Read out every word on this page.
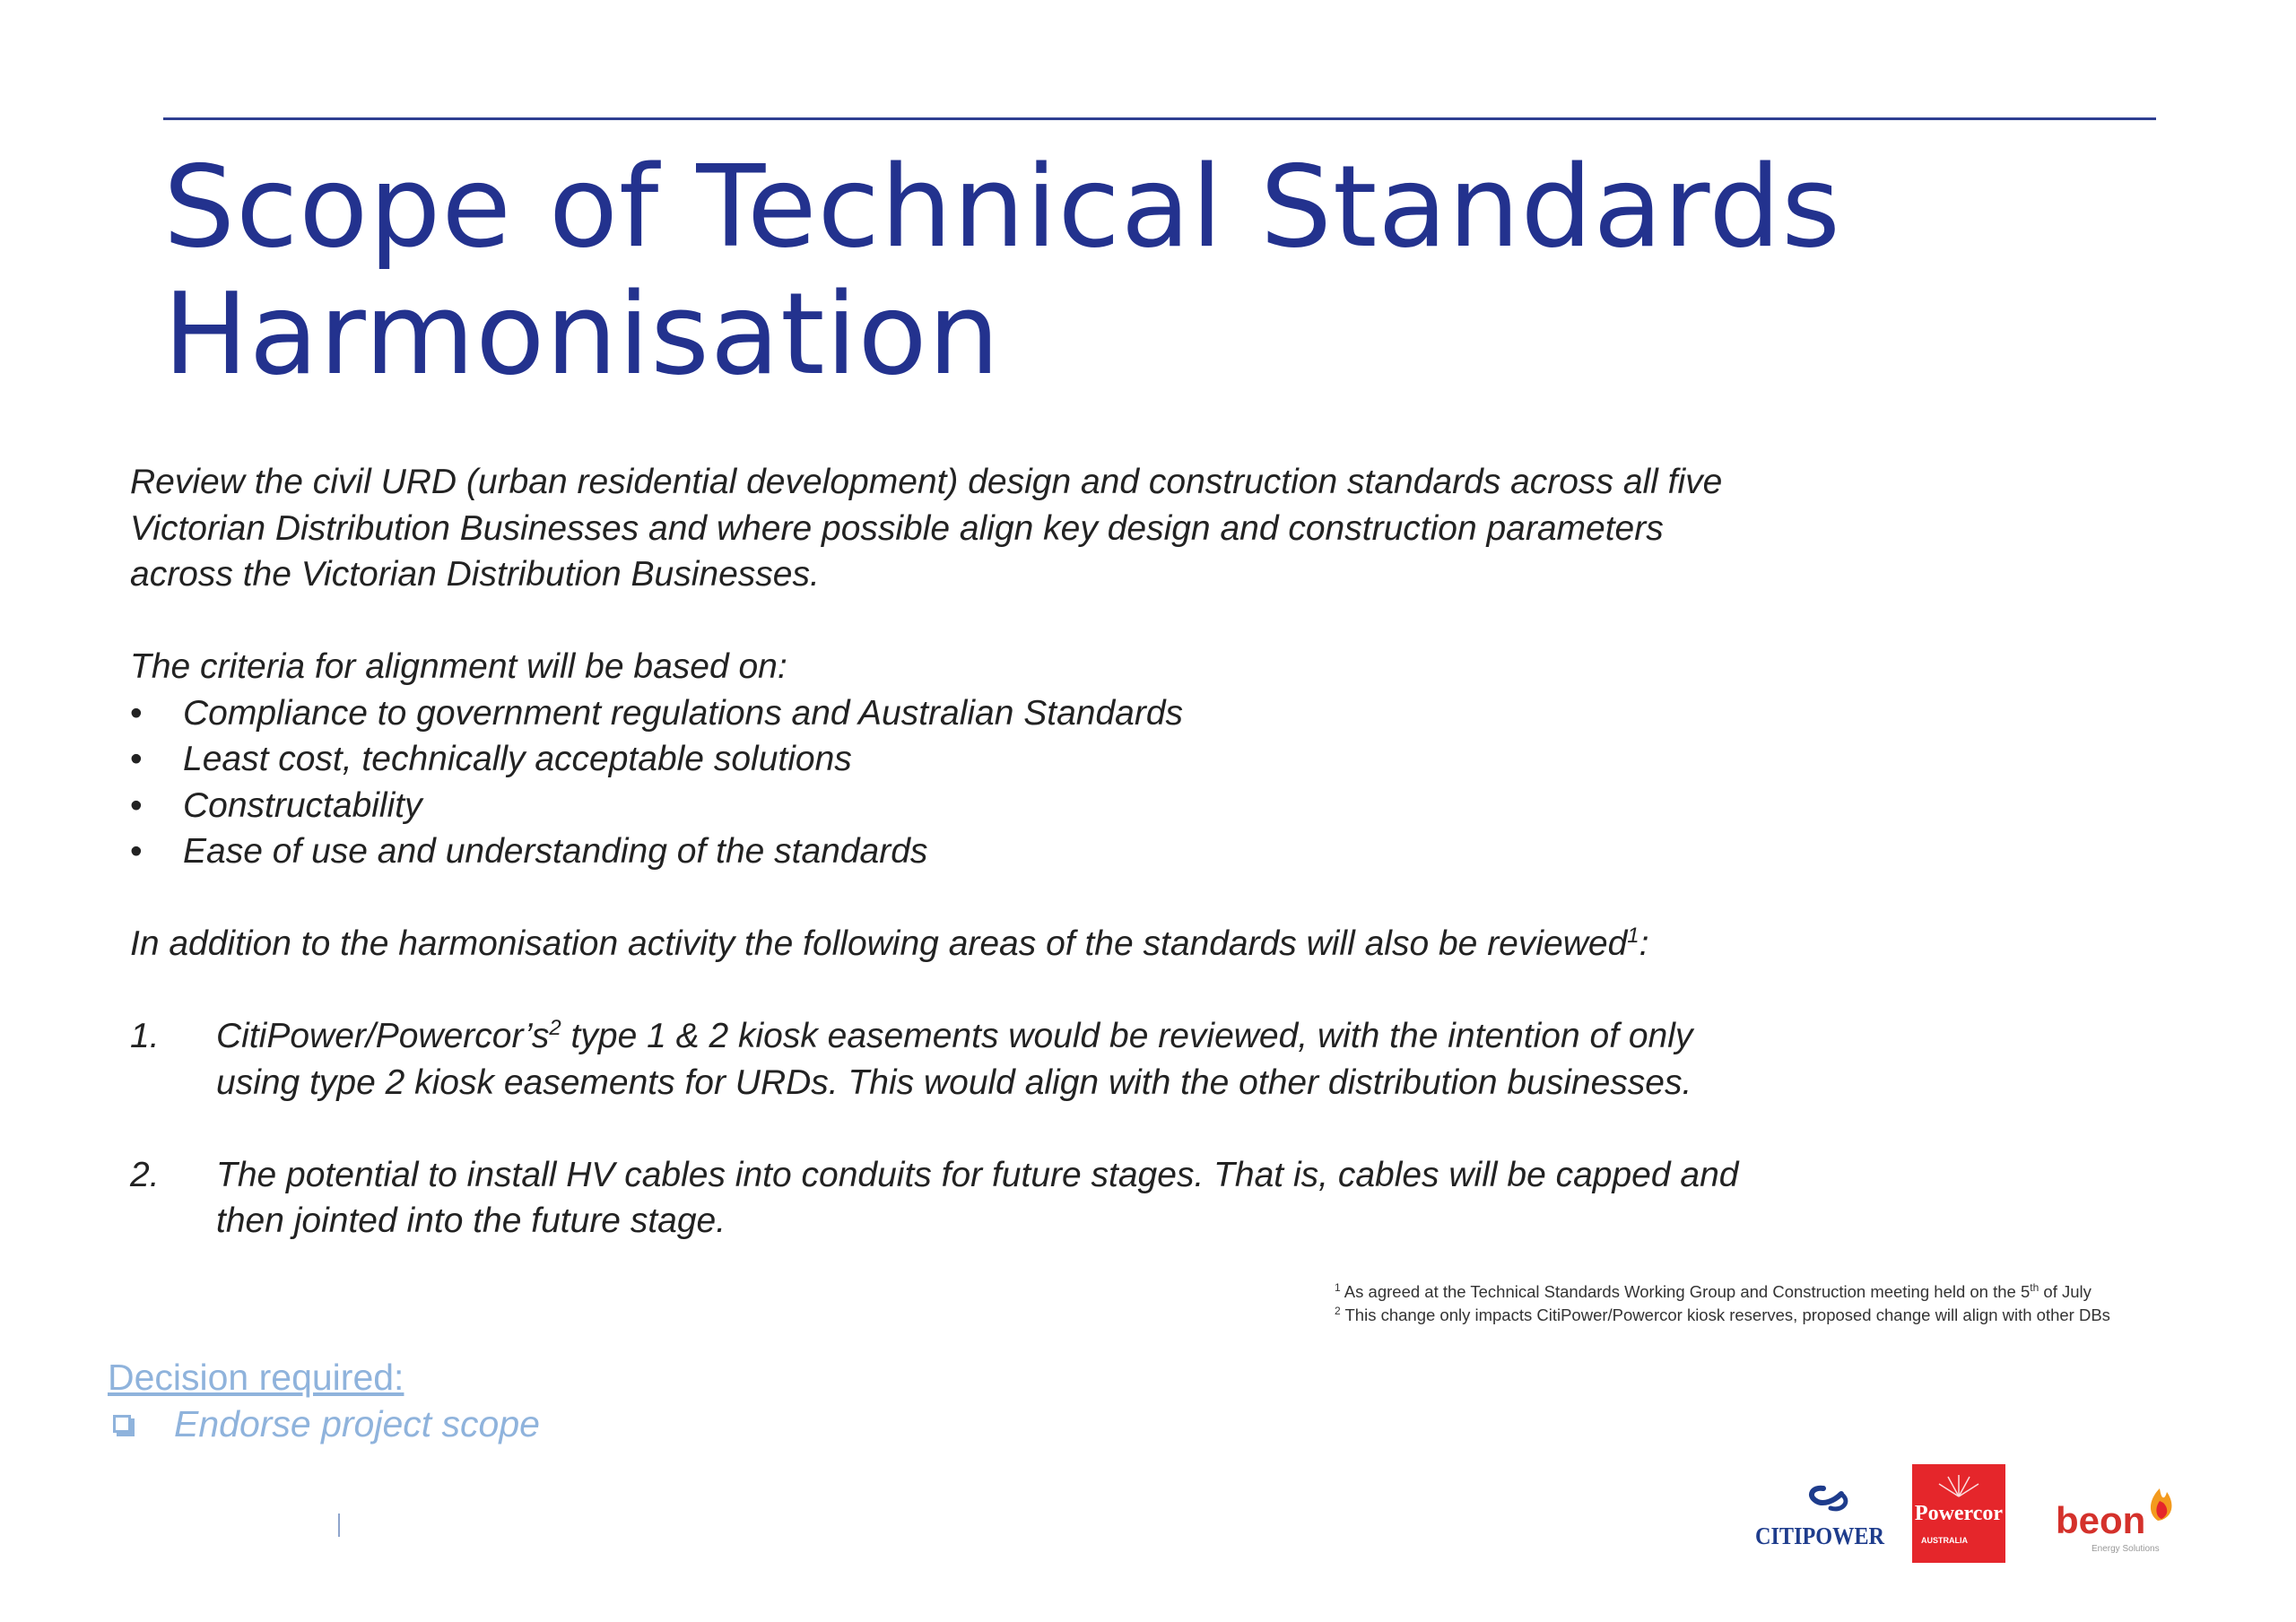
Scope of Technical Standards
Harmonisation

Review the civil URD (urban residential development) design and construction standards across all five
Victorian Distribution Businesses and where possible align key design and construction parameters
across the Victorian Distribution Businesses.

The criteria for alignment will be based on:

• Compliance to government regulations and Australian Standards
• Least cost, technically acceptable solutions
• Constructability
• Ease of use and understanding of the standards

In addition to the harmonisation activity the following areas of the standards will also be reviewed$^1$:

1. CitiPower/$Powercor’s^2$ type 1 & 2 kiosk easements would be reviewed, with the intention of only
using type 2 kiosk easements for URDs. This would align with the other distribution businesses.
2. The potential to install HV cables into conduits for future stages. That is, cables will be capped and
then jointed into the future stage.
$^1$ As agreed at the Technical Standards Working Group and Construction meeting held on the 5th of July
$^2$ This change only impacts CitiPower/Powercor kiosk reserves, proposed change will align with other DBs

Decision required:

Endorse project scope

CITIPOWER
Powercor
AUSTRALIA beon
Energy Solutions
